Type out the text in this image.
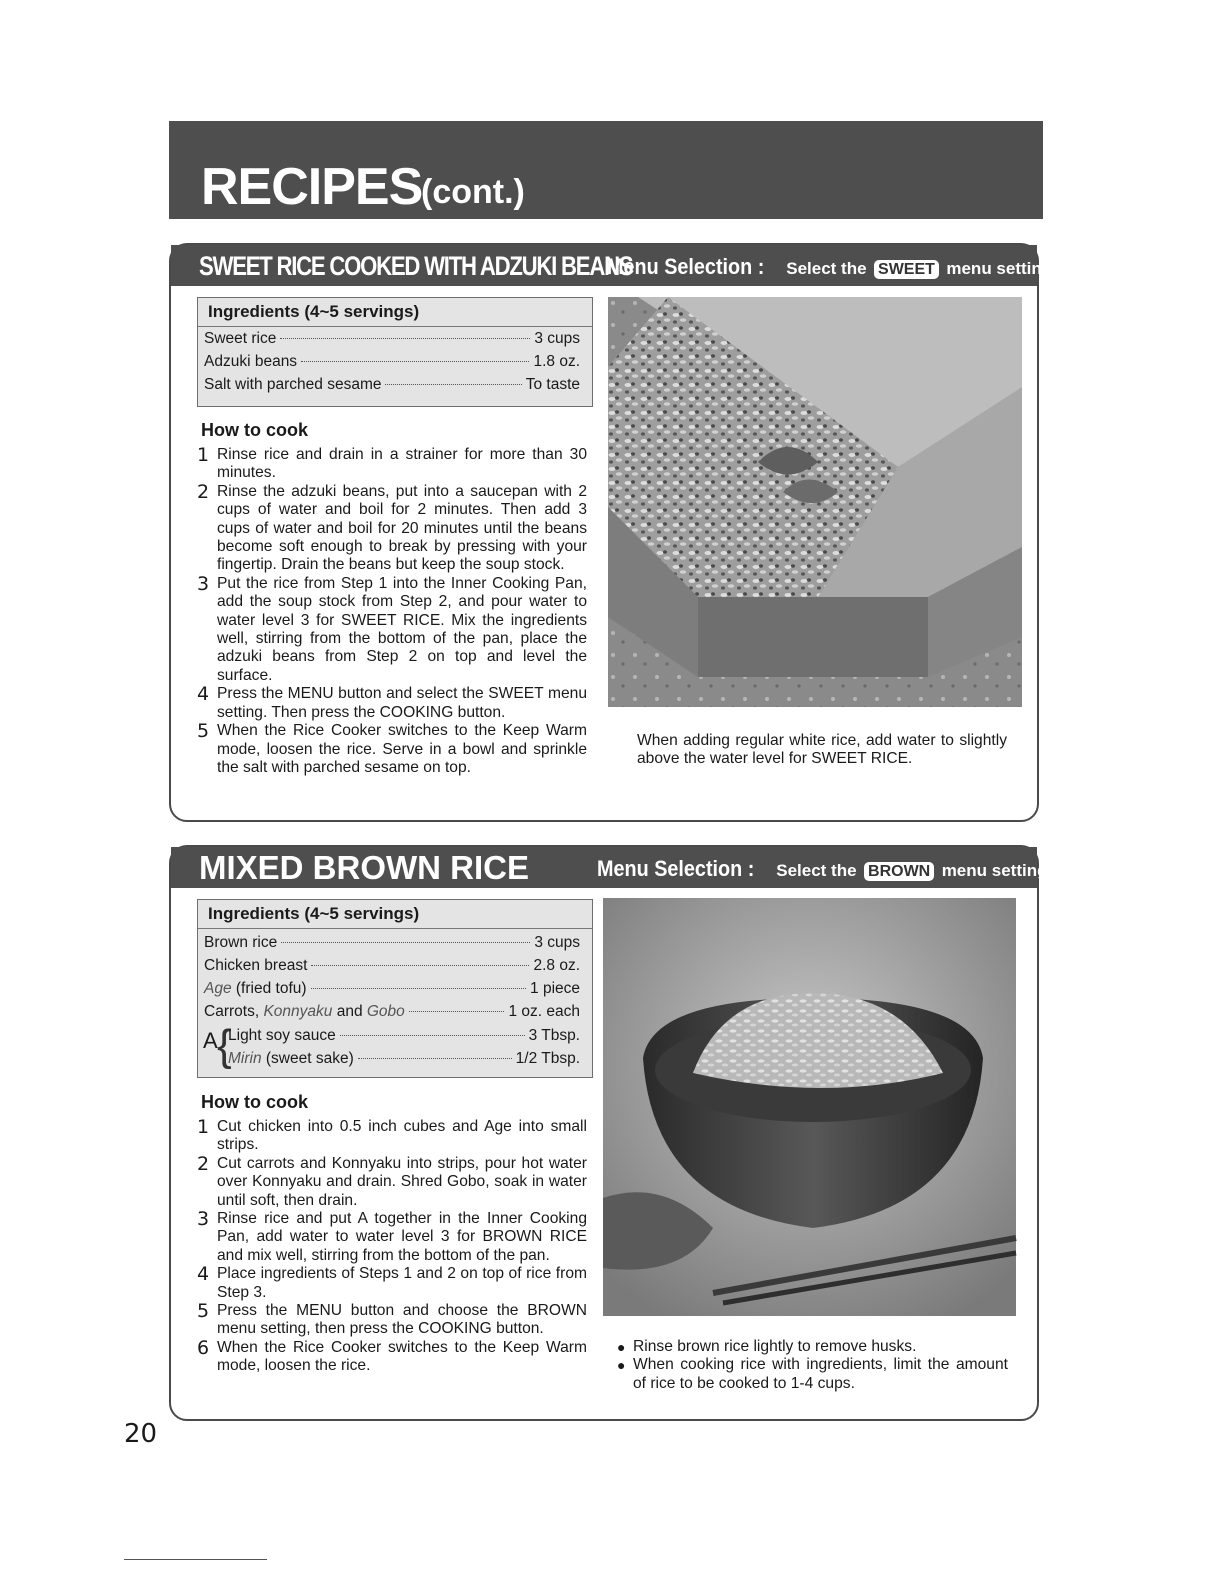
RECIPES
(cont.)
SWEET RICE COOKED WITH ADZUKI BEANS
Menu Selection : Select the SWEET menu setting.
Ingredients (4~5 servings)
Sweet rice	3 cups
Adzuki beans	1.8 oz.
Salt with parched sesame	To taste
How to cook
1 Rinse rice and drain in a strainer for more than 30 minutes.
2 Rinse the adzuki beans, put into a saucepan with 2 cups of water and boil for 2 minutes. Then add 3 cups of water and boil for 20 minutes until the beans become soft enough to break by pressing with your fingertip. Drain the beans but keep the soup stock.
3 Put the rice from Step 1 into the Inner Cooking Pan, add the soup stock from Step 2, and pour water to water level 3 for SWEET RICE. Mix the ingredients well, stirring from the bottom of the pan, place the adzuki beans from Step 2 on top and level the surface.
4 Press the MENU button and select the SWEET menu setting. Then press the COOKING button.
5 When the Rice Cooker switches to the Keep Warm mode, loosen the rice. Serve in a bowl and sprinkle the salt with parched sesame on top.
When adding regular white rice, add water to slightly above the water level for SWEET RICE.
MIXED BROWN RICE	Menu Selection : Select the BROWN menu setting.
Ingredients (4~5 servings)
Brown rice	3 cups
Chicken breast	2.8 oz.
Age (fried tofu)	1 piece
Carrots, Konnyaku and Gobo	1 oz. each
A {
Light soy sauce	3 Tbsp.
Mirin (sweet sake)	1/2 Tbsp.
How to cook
1 Cut chicken into 0.5 inch cubes and Age into small strips.
2 Cut carrots and Konnyaku into strips, pour hot water over Konnyaku and drain. Shred Gobo, soak in water until soft, then drain.
3 Rinse rice and put A together in the Inner Cooking Pan, add water to water level 3 for BROWN RICE and mix well, stirring from the bottom of the pan.
4 Place ingredients of Steps 1 and 2 on top of rice from Step 3.
5 Press the MENU button and choose the BROWN menu setting, then press the COOKING button.
6 When the Rice Cooker switches to the Keep Warm mode, loosen the rice.
● Rinse brown rice lightly to remove husks.
● When cooking rice with ingredients, limit the amount of rice to be cooked to 1-4 cups.
20
